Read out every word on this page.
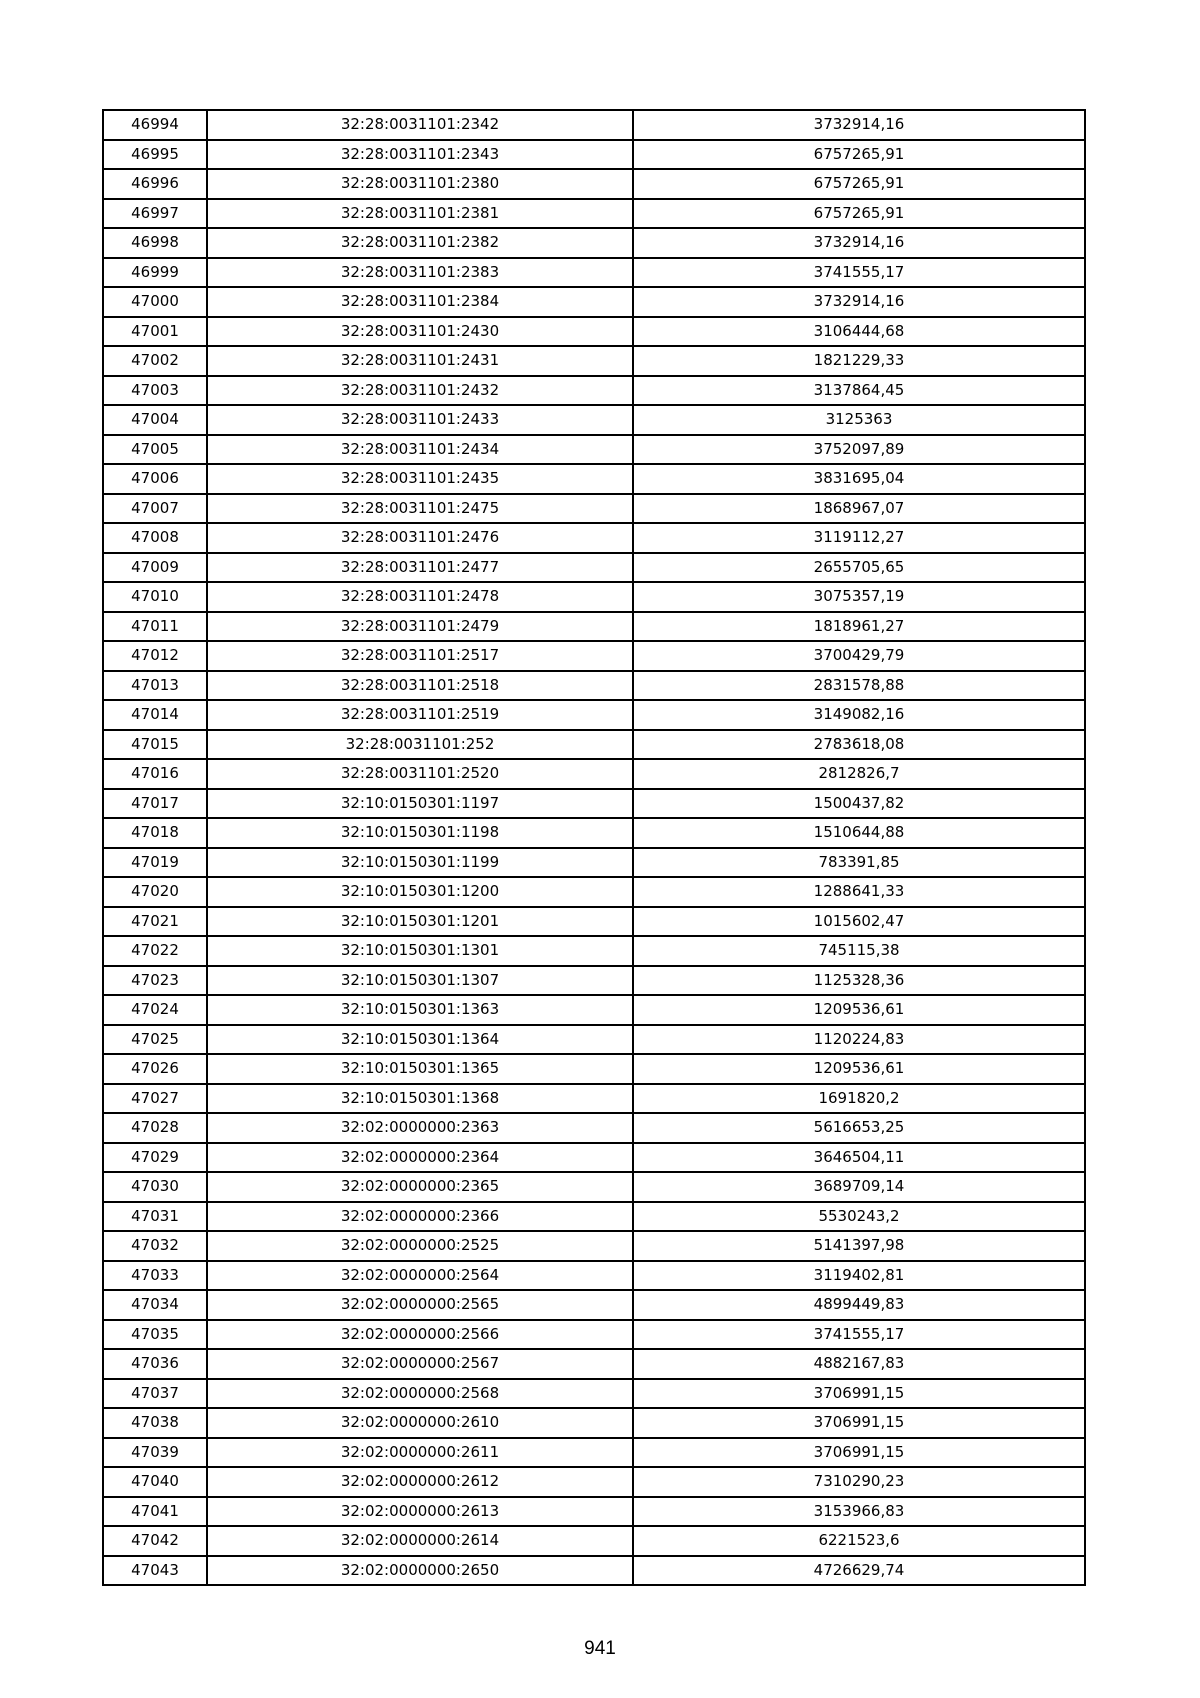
46994	32:28:0031101:2342	3732914,16
46995	32:28:0031101:2343	6757265,91
46996	32:28:0031101:2380	6757265,91
46997	32:28:0031101:2381	6757265,91
46998	32:28:0031101:2382	3732914,16
46999	32:28:0031101:2383	3741555,17
47000	32:28:0031101:2384	3732914,16
47001	32:28:0031101:2430	3106444,68
47002	32:28:0031101:2431	1821229,33
47003	32:28:0031101:2432	3137864,45
47004	32:28:0031101:2433	3125363
47005	32:28:0031101:2434	3752097,89
47006	32:28:0031101:2435	3831695,04
47007	32:28:0031101:2475	1868967,07
47008	32:28:0031101:2476	3119112,27
47009	32:28:0031101:2477	2655705,65
47010	32:28:0031101:2478	3075357,19
47011	32:28:0031101:2479	1818961,27
47012	32:28:0031101:2517	3700429,79
47013	32:28:0031101:2518	2831578,88
47014	32:28:0031101:2519	3149082,16
47015	32:28:0031101:252	2783618,08
47016	32:28:0031101:2520	2812826,7
47017	32:10:0150301:1197	1500437,82
47018	32:10:0150301:1198	1510644,88
47019	32:10:0150301:1199	783391,85
47020	32:10:0150301:1200	1288641,33
47021	32:10:0150301:1201	1015602,47
47022	32:10:0150301:1301	745115,38
47023	32:10:0150301:1307	1125328,36
47024	32:10:0150301:1363	1209536,61
47025	32:10:0150301:1364	1120224,83
47026	32:10:0150301:1365	1209536,61
47027	32:10:0150301:1368	1691820,2
47028	32:02:0000000:2363	5616653,25
47029	32:02:0000000:2364	3646504,11
47030	32:02:0000000:2365	3689709,14
47031	32:02:0000000:2366	5530243,2
47032	32:02:0000000:2525	5141397,98
47033	32:02:0000000:2564	3119402,81
47034	32:02:0000000:2565	4899449,83
47035	32:02:0000000:2566	3741555,17
47036	32:02:0000000:2567	4882167,83
47037	32:02:0000000:2568	3706991,15
47038	32:02:0000000:2610	3706991,15
47039	32:02:0000000:2611	3706991,15
47040	32:02:0000000:2612	7310290,23
47041	32:02:0000000:2613	3153966,83
47042	32:02:0000000:2614	6221523,6
47043	32:02:0000000:2650	4726629,74
941
